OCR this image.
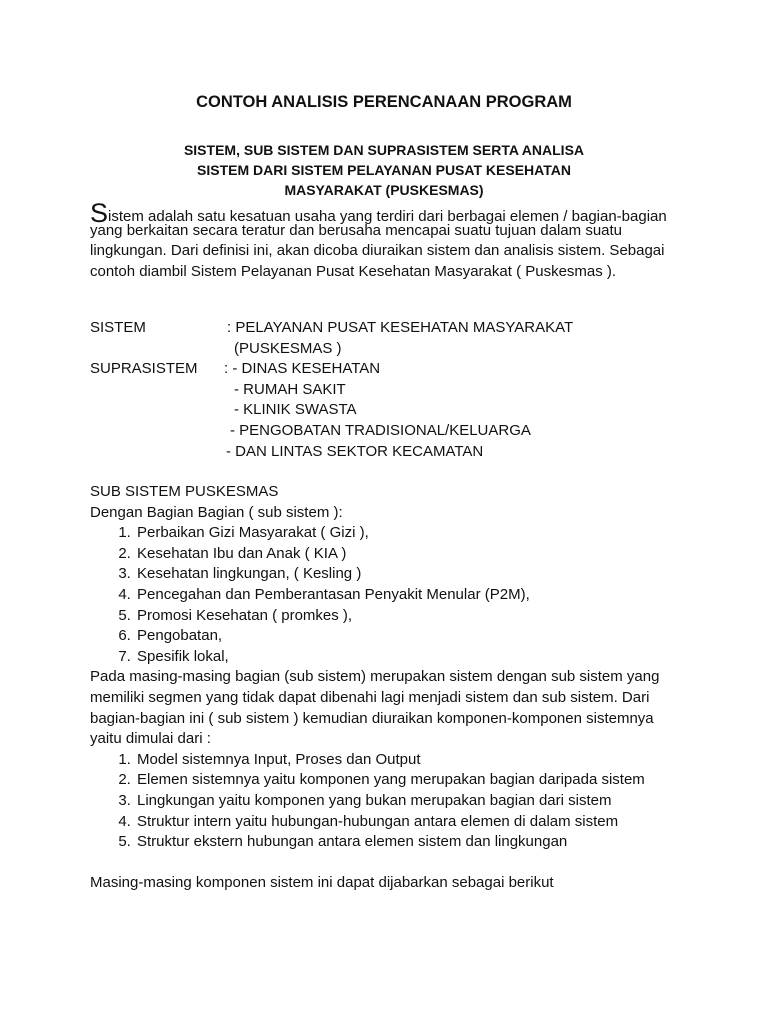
CONTOH ANALISIS PERENCANAAN PROGRAM
SISTEM, SUB SISTEM DAN SUPRASISTEM SERTA ANALISA
SISTEM DARI SISTEM PELAYANAN PUSAT KESEHATAN
MASYARAKAT (PUSKESMAS)
Sistem adalah satu kesatuan usaha yang terdiri dari berbagai elemen / bagian-bagian
yang berkaitan secara teratur dan berusaha mencapai suatu tujuan dalam suatu
lingkungan. Dari definisi ini, akan dicoba diuraikan sistem dan analisis sistem. Sebagai
contoh diambil Sistem Pelayanan Pusat Kesehatan Masyarakat ( Puskesmas ).
SISTEM	: PELAYANAN PUSAT KESEHATAN MASYARAKAT
(PUSKESMAS )
SUPRASISTEM : - DINAS KESEHATAN
- RUMAH SAKIT
- KLINIK SWASTA
- PENGOBATAN TRADISIONAL/KELUARGA
- DAN LINTAS SEKTOR KECAMATAN
SUB SISTEM PUSKESMAS
Dengan Bagian Bagian ( sub sistem ):
1. Perbaikan Gizi Masyarakat ( Gizi ),
2. Kesehatan Ibu dan Anak ( KIA )
3. Kesehatan lingkungan, ( Kesling )
4. Pencegahan dan Pemberantasan Penyakit Menular (P2M),
5. Promosi Kesehatan ( promkes ),
6. Pengobatan,
7. Spesifik lokal,
Pada masing-masing bagian (sub sistem) merupakan sistem dengan sub sistem yang
memiliki segmen yang tidak dapat dibenahi lagi menjadi sistem dan sub sistem. Dari
bagian-bagian ini ( sub sistem ) kemudian diuraikan komponen-komponen sistemnya
yaitu dimulai dari :
1. Model sistemnya Input, Proses dan Output
2. Elemen sistemnya yaitu komponen yang merupakan bagian daripada sistem
3. Lingkungan yaitu komponen yang bukan merupakan bagian dari sistem
4. Struktur intern yaitu hubungan-hubungan antara elemen di dalam sistem
5. Struktur ekstern hubungan antara elemen sistem dan lingkungan
Masing-masing komponen sistem ini dapat dijabarkan sebagai berikut
